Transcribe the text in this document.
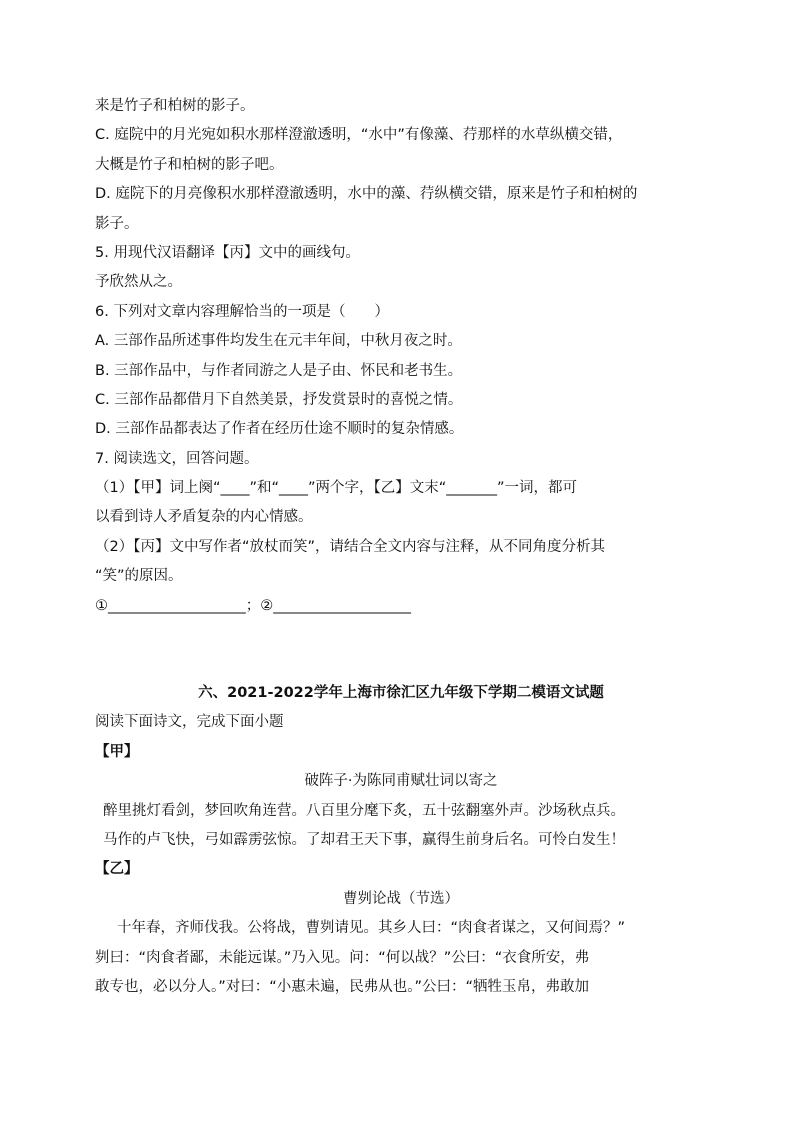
来是竹子和柏树的影子。
C. 庭院中的月光宛如积水那样澄澈透明，“水中”有像藻、荇那样的水草纵横交错，
大概是竹子和柏树的影子吧。
D. 庭院下的月亮像积水那样澄澈透明，水中的藻、荇纵横交错，原来是竹子和柏树的
影子。
5. 用现代汉语翻译【丙】文中的画线句。
予欣然从之。
6. 下列对文章内容理解恰当的一项是（　　）
A. 三部作品所述事件均发生在元丰年间，中秋月夜之时。
B. 三部作品中，与作者同游之人是子由、怀民和老书生。
C. 三部作品都借月下自然美景，抒发赏景时的喜悦之情。
D. 三部作品都表达了作者在经历仕途不顺时的复杂情感。
7. 阅读选文，回答问题。
（1）【甲】词上阕“____”和“____”两个字，【乙】文末“_______”一词，都可
以看到诗人矛盾复杂的内心情感。
（2）【丙】文中写作者“放杖而笑”，请结合全文内容与注释，从不同角度分析其
“笑”的原因。
①___________________；②___________________
六、2021-2022学年上海市徐汇区九年级下学期二模语文试题
阅读下面诗文，完成下面小题
【甲】
破阵子·为陈同甫赋壮词以寄之
醉里挑灯看剑，梦回吹角连营。八百里分麾下炙，五十弦翻塞外声。沙场秋点兵。
马作的卢飞快，弓如霹雳弦惊。了却君王天下事，赢得生前身后名。可怜白发生！
【乙】
曹刿论战（节选）
十年春，齐师伐我。公将战，曹刿请见。其乡人曰：“肉食者谋之，又何间焉？”
刿曰：“肉食者鄙，未能远谋。”乃入见。问：“何以战？”公曰：“衣食所安，弗
敢专也，必以分人。”对曰：“小惠未遍，民弗从也。”公曰：“牺牲玉帛，弗敢加
